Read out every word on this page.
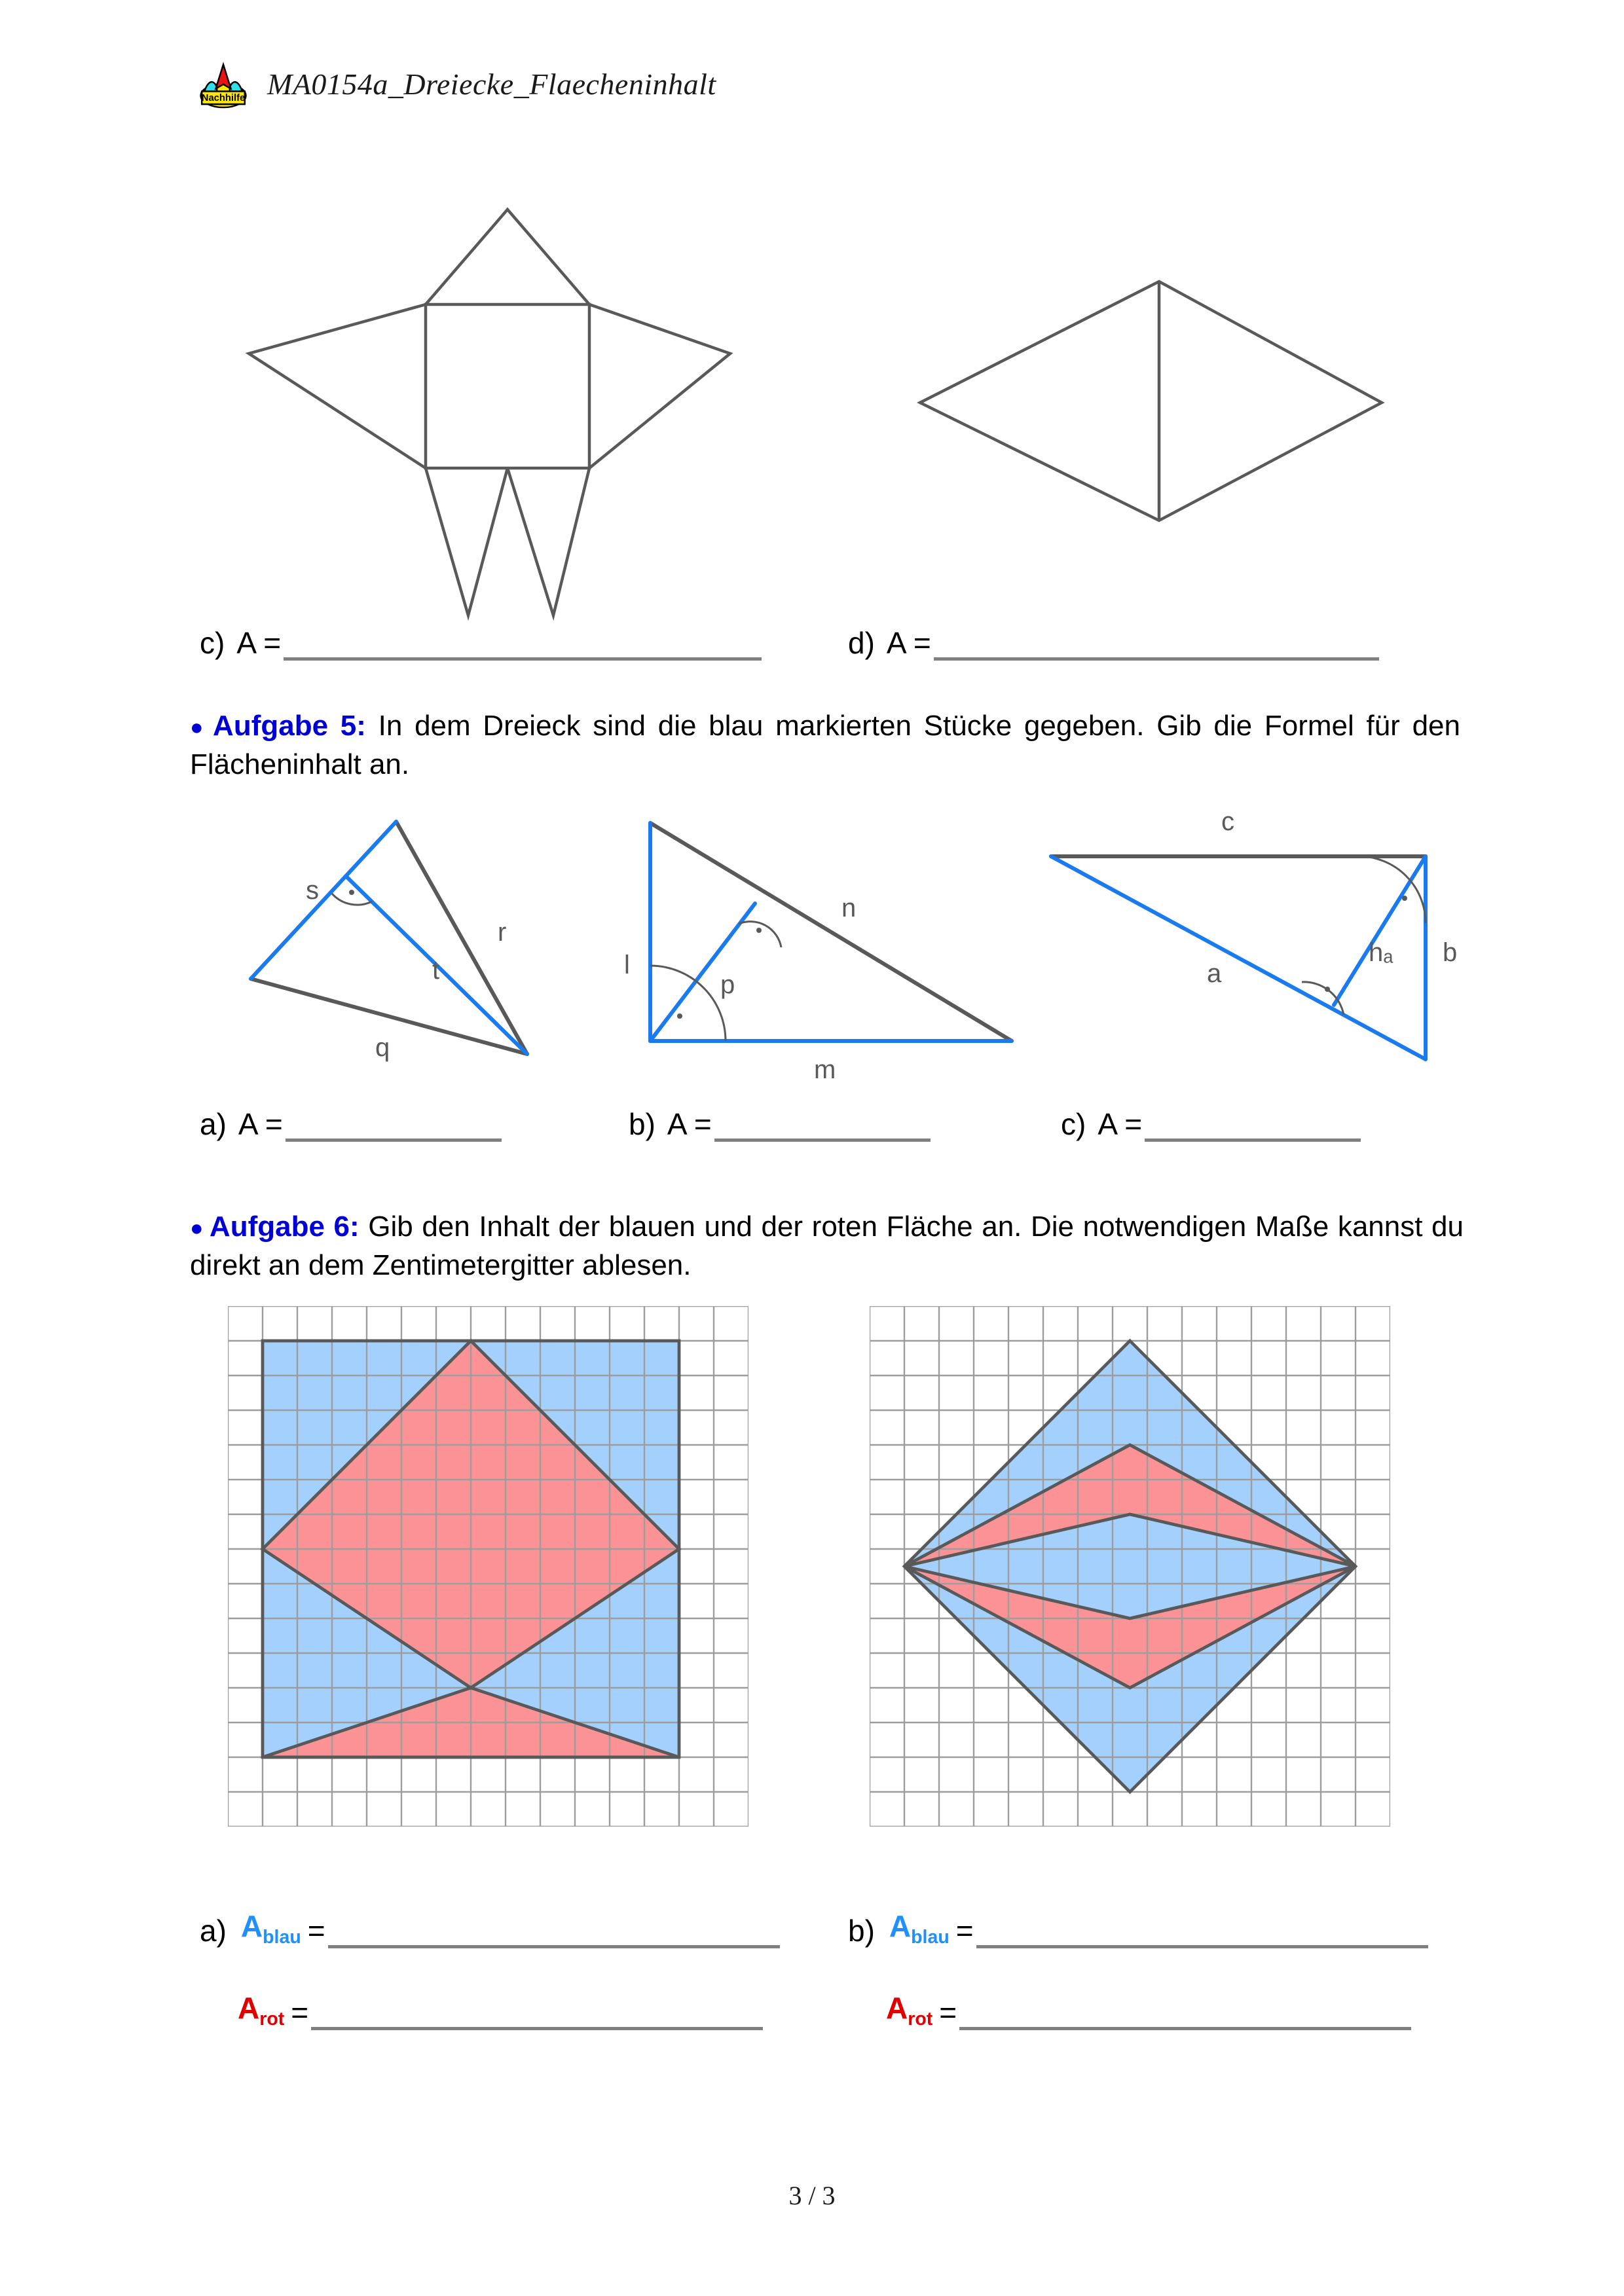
Nachhilfe MA0154a_Dreiecke_Flaecheninhalt
c) A =	d) A =

● Aufgabe 5: In dem Dreieck sind die blau markierten Stücke gegeben. Gib die Formel für den Flächeninhalt an.

s
t
r
q
l
p
n
m
c
a
hₐ b
a) A =	b) A =	c) A =

● Aufgabe 6: Gib den Inhalt der blauen und der roten Fläche an. Die notwendigen Maße kannst du direkt an dem Zentimetergitter ablesen.

a) $A_{blau}$ =
$A_{rot}$ =
b) $A_{blau}$ =
$A_{rot}$ =
3 / 3
